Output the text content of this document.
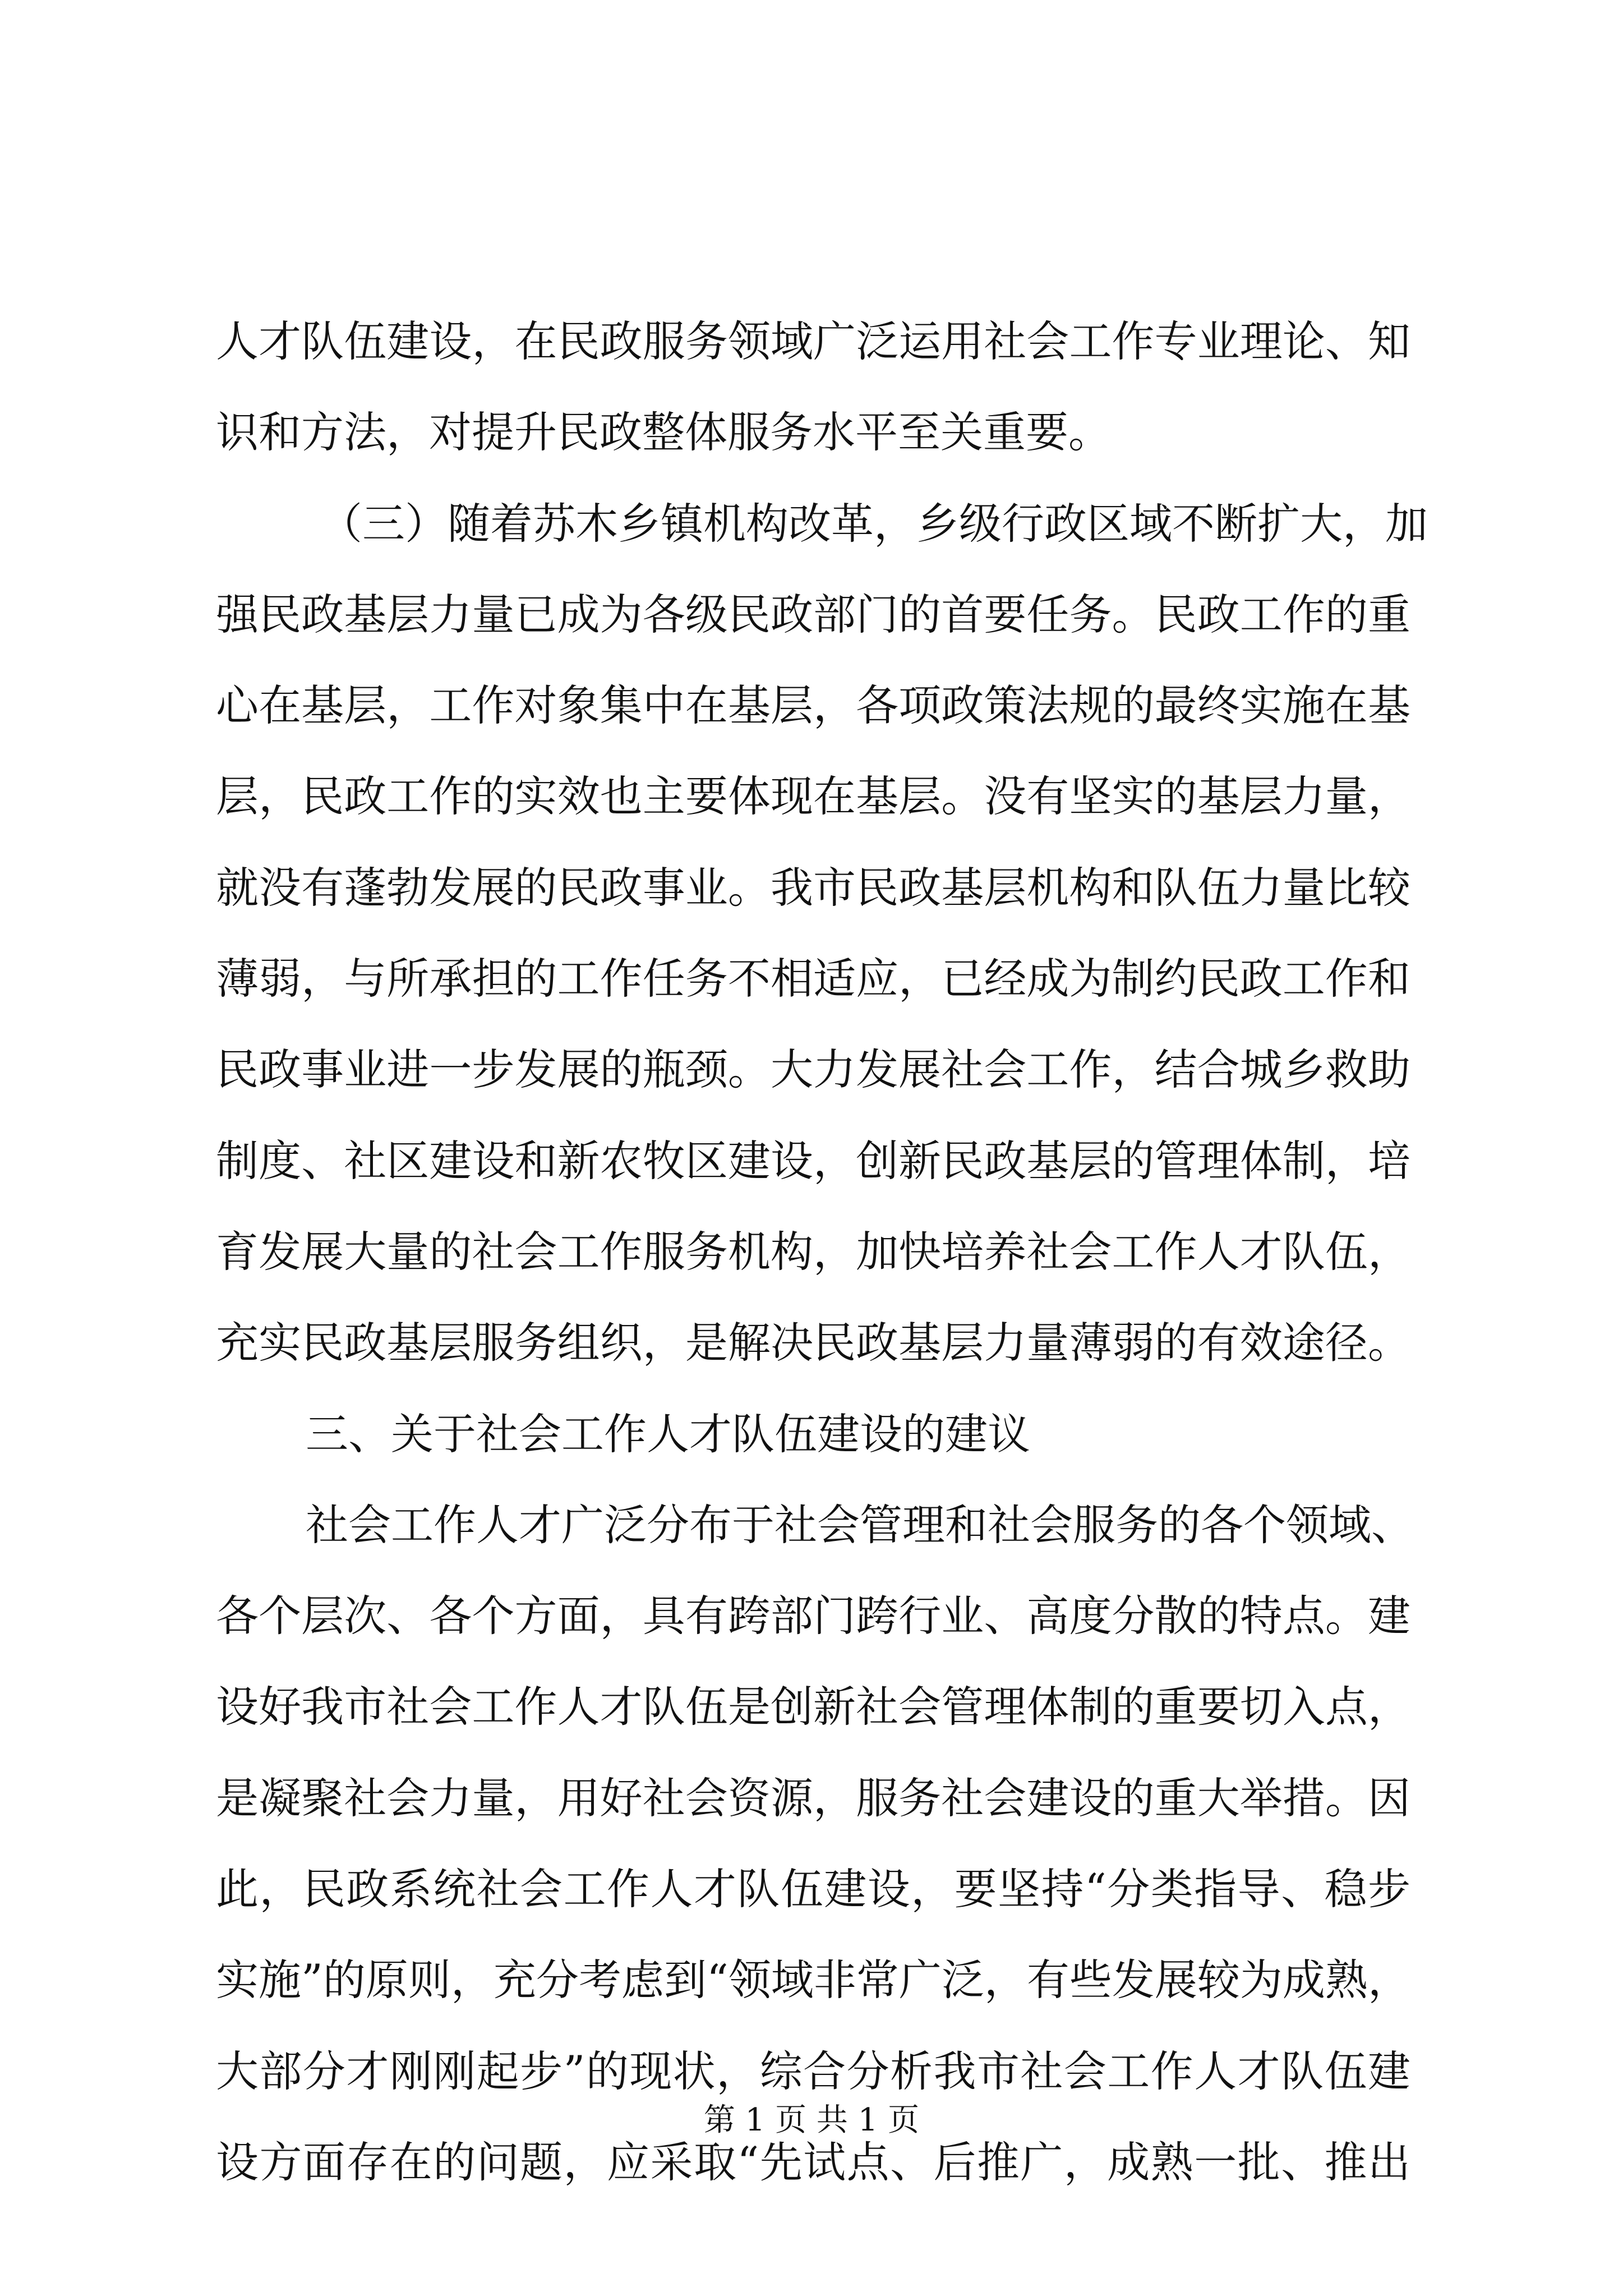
人才队伍建设，在民政服务领域广泛运用社会工作专业理论、知
识和方法，对提升民政整体服务水平至关重要。
（三）随着苏木乡镇机构改革，乡级行政区域不断扩大，加
强民政基层力量已成为各级民政部门的首要任务。民政工作的重
心在基层，工作对象集中在基层，各项政策法规的最终实施在基
层，民政工作的实效也主要体现在基层。没有坚实的基层力量，
就没有蓬勃发展的民政事业。我市民政基层机构和队伍力量比较
薄弱，与所承担的工作任务不相适应，已经成为制约民政工作和
民政事业进一步发展的瓶颈。大力发展社会工作，结合城乡救助
制度、社区建设和新农牧区建设，创新民政基层的管理体制，培
育发展大量的社会工作服务机构，加快培养社会工作人才队伍，
充实民政基层服务组织，是解决民政基层力量薄弱的有效途径。
三、关于社会工作人才队伍建设的建议
社会工作人才广泛分布于社会管理和社会服务的各个领域、
各个层次、各个方面，具有跨部门跨行业、高度分散的特点。建
设好我市社会工作人才队伍是创新社会管理体制的重要切入点，
是凝聚社会力量，用好社会资源，服务社会建设的重大举措。因
此，民政系统社会工作人才队伍建设，要坚持“分类指导、稳步
实施”的原则，充分考虑到“领域非常广泛，有些发展较为成熟，
大部分才刚刚起步”的现状，综合分析我市社会工作人才队伍建
设方面存在的问题，应采取“先试点、后推广，成熟一批、推出
第 1 页 共 1 页
